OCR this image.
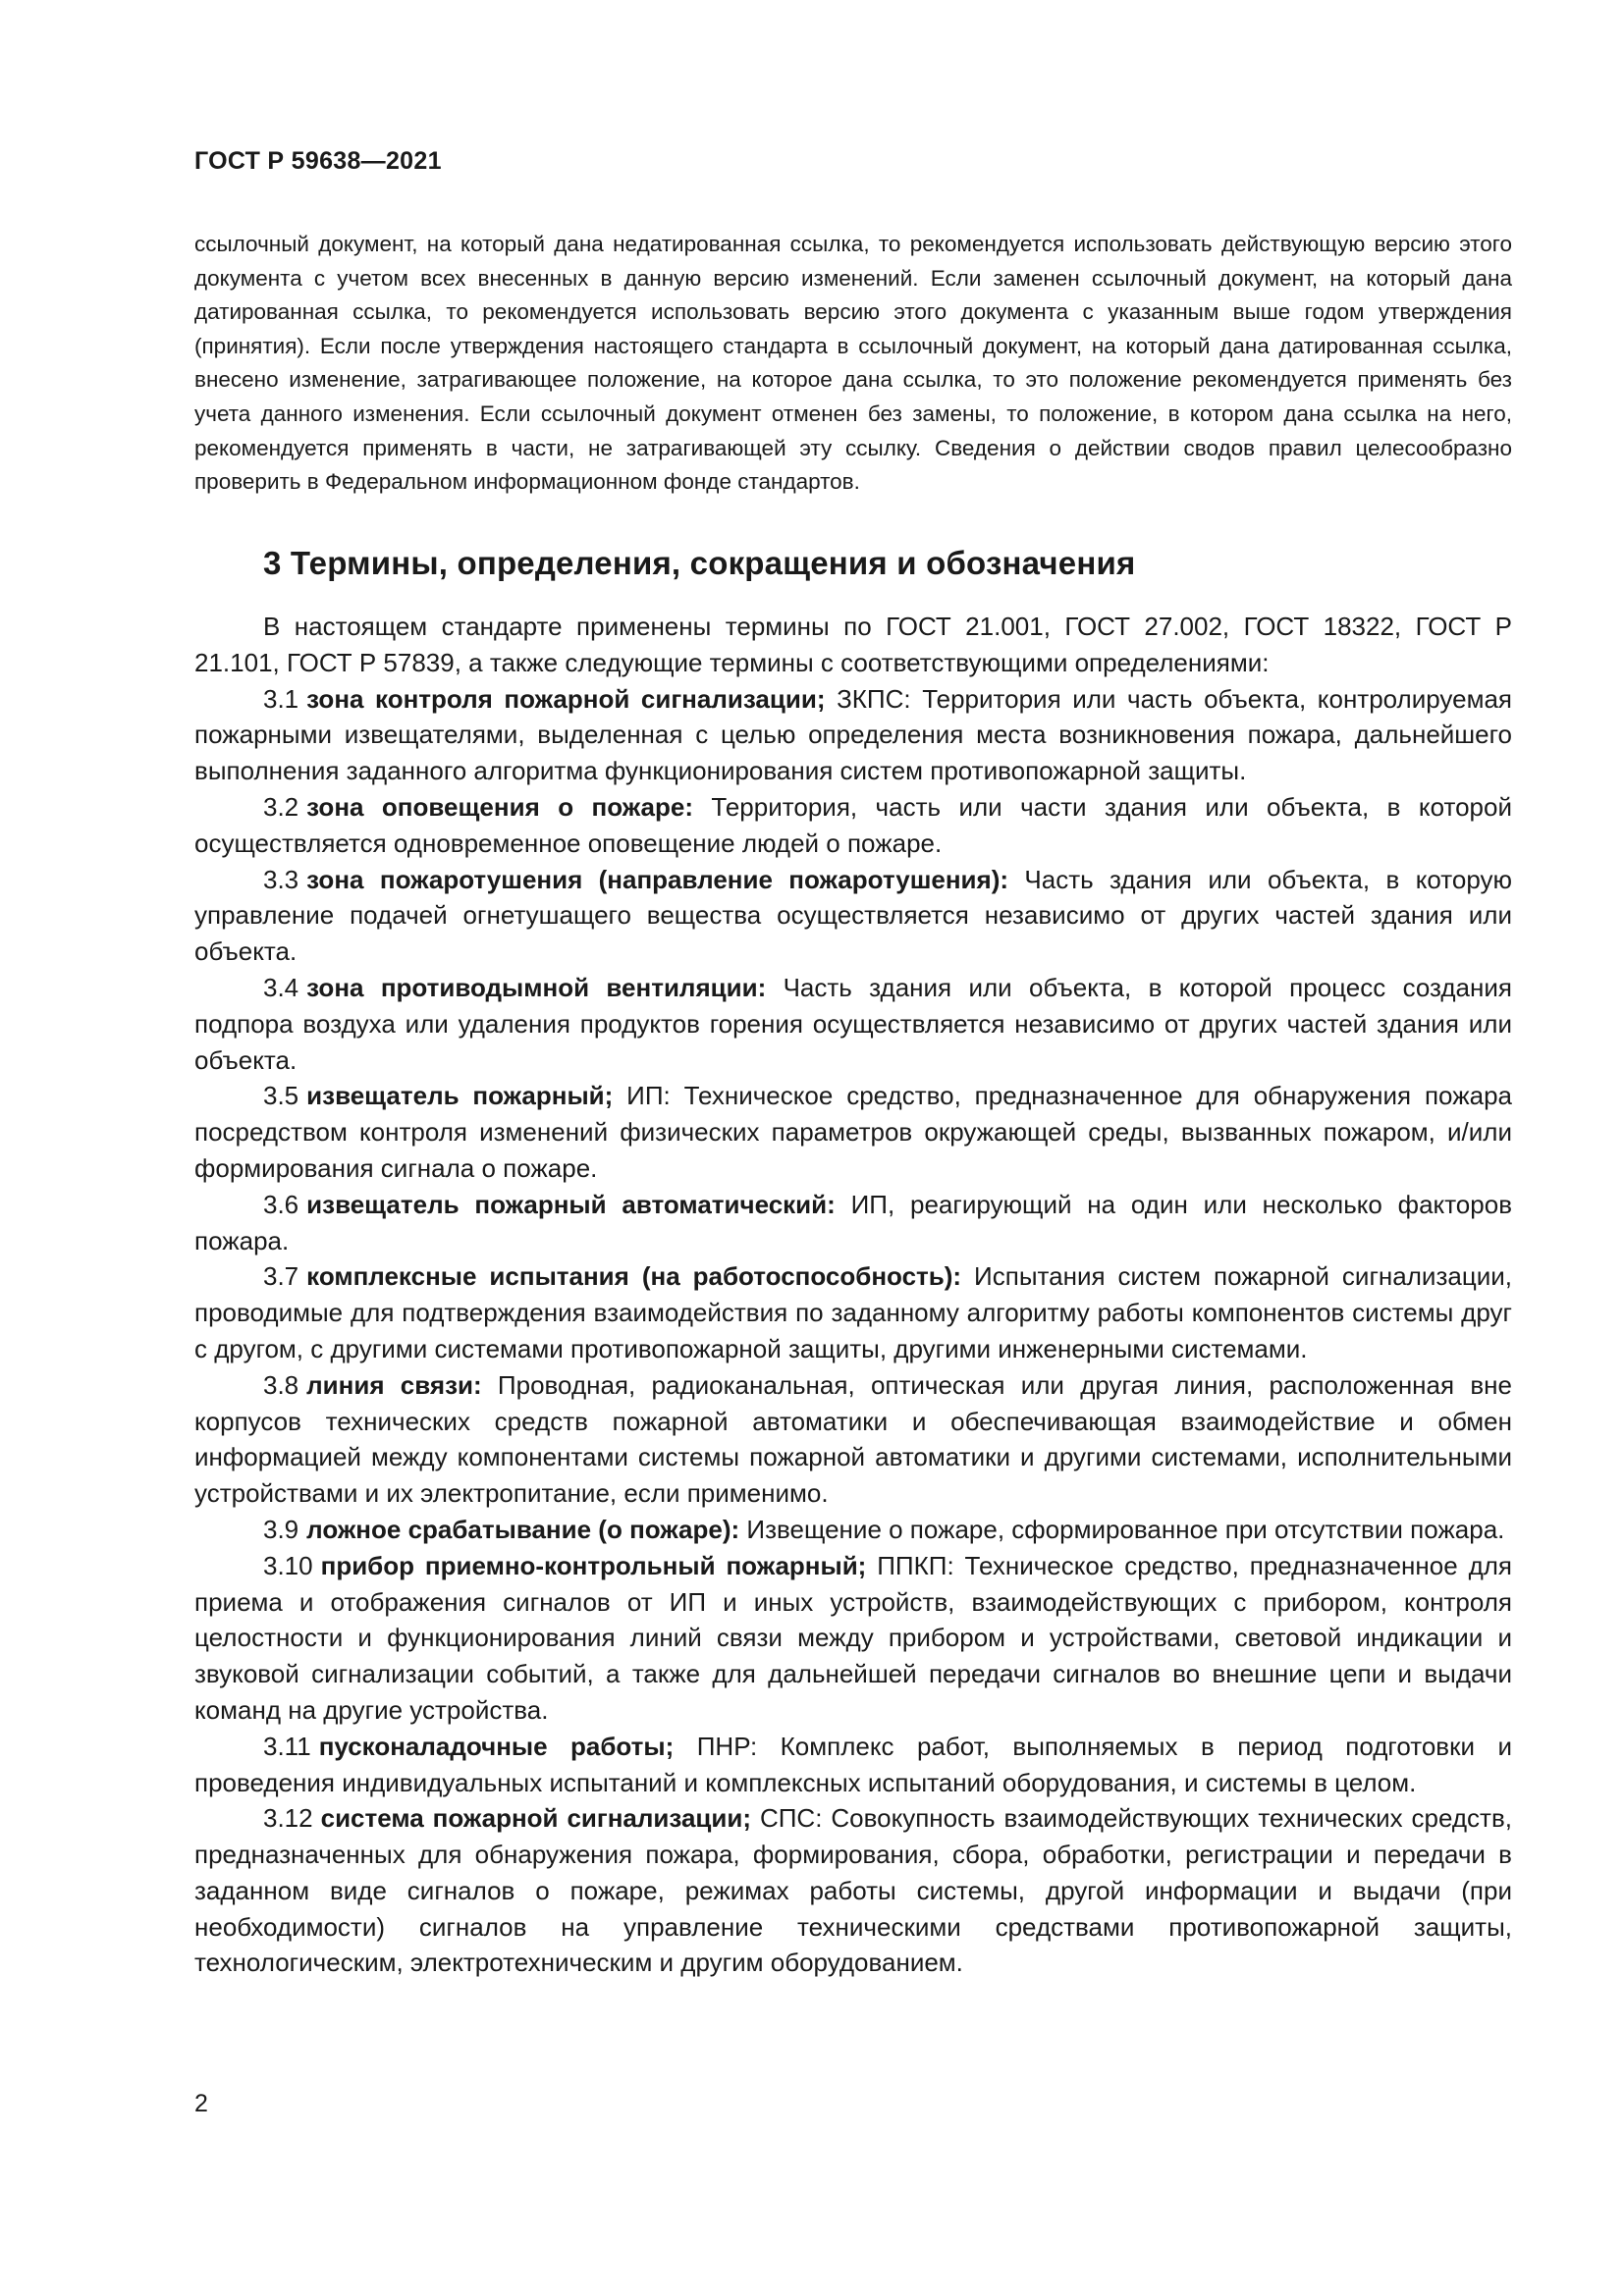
ГОСТ Р 59638—2021

ссылочный документ, на который дана недатированная ссылка, то рекомендуется использовать действующую версию этого документа с учетом всех внесенных в данную версию изменений. Если заменен ссылочный документ, на который дана датированная ссылка, то рекомендуется использовать версию этого документа с указанным выше годом утверждения (принятия). Если после утверждения настоящего стандарта в ссылочный документ, на который дана датированная ссылка, внесено изменение, затрагивающее положение, на которое дана ссылка, то это положение рекомендуется применять без учета данного изменения. Если ссылочный документ отменен без замены, то положение, в котором дана ссылка на него, рекомендуется применять в части, не затрагивающей эту ссылку. Сведения о действии сводов правил целесообразно проверить в Федеральном информационном фонде стандартов.

3 Термины, определения, сокращения и обозначения

В настоящем стандарте применены термины по ГОСТ 21.001, ГОСТ 27.002, ГОСТ 18322, ГОСТ Р 21.101, ГОСТ Р 57839, а также следующие термины с соответствующими определениями:

3.1 зона контроля пожарной сигнализации; ЗКПС: Территория или часть объекта, контролируемая пожарными извещателями, выделенная с целью определения места возникновения пожара, дальнейшего выполнения заданного алгоритма функционирования систем противопожарной защиты.

3.2 зона оповещения о пожаре: Территория, часть или части здания или объекта, в которой осуществляется одновременное оповещение людей о пожаре.

3.3 зона пожаротушения (направление пожаротушения): Часть здания или объекта, в которую управление подачей огнетушащего вещества осуществляется независимо от других частей здания или объекта.

3.4 зона противодымной вентиляции: Часть здания или объекта, в которой процесс создания подпора воздуха или удаления продуктов горения осуществляется независимо от других частей здания или объекта.

3.5 извещатель пожарный; ИП: Техническое средство, предназначенное для обнаружения пожара посредством контроля изменений физических параметров окружающей среды, вызванных пожаром, и/или формирования сигнала о пожаре.

3.6 извещатель пожарный автоматический: ИП, реагирующий на один или несколько факторов пожара.

3.7 комплексные испытания (на работоспособность): Испытания систем пожарной сигнализации, проводимые для подтверждения взаимодействия по заданному алгоритму работы компонентов системы друг с другом, с другими системами противопожарной защиты, другими инженерными системами.

3.8 линия связи: Проводная, радиоканальная, оптическая или другая линия, расположенная вне корпусов технических средств пожарной автоматики и обеспечивающая взаимодействие и обмен информацией между компонентами системы пожарной автоматики и другими системами, исполнительными устройствами и их электропитание, если применимо.

3.9 ложное срабатывание (о пожаре): Извещение о пожаре, сформированное при отсутствии пожара.

3.10 прибор приемно-контрольный пожарный; ППКП: Техническое средство, предназначенное для приема и отображения сигналов от ИП и иных устройств, взаимодействующих с прибором, контроля целостности и функционирования линий связи между прибором и устройствами, световой индикации и звуковой сигнализации событий, а также для дальнейшей передачи сигналов во внешние цепи и выдачи команд на другие устройства.

3.11 пусконаладочные работы; ПНР: Комплекс работ, выполняемых в период подготовки и проведения индивидуальных испытаний и комплексных испытаний оборудования, и системы в целом.

3.12 система пожарной сигнализации; СПС: Совокупность взаимодействующих технических средств, предназначенных для обнаружения пожара, формирования, сбора, обработки, регистрации и передачи в заданном виде сигналов о пожаре, режимах работы системы, другой информации и выдачи (при необходимости) сигналов на управление техническими средствами противопожарной защиты, технологическим, электротехническим и другим оборудованием.

2
